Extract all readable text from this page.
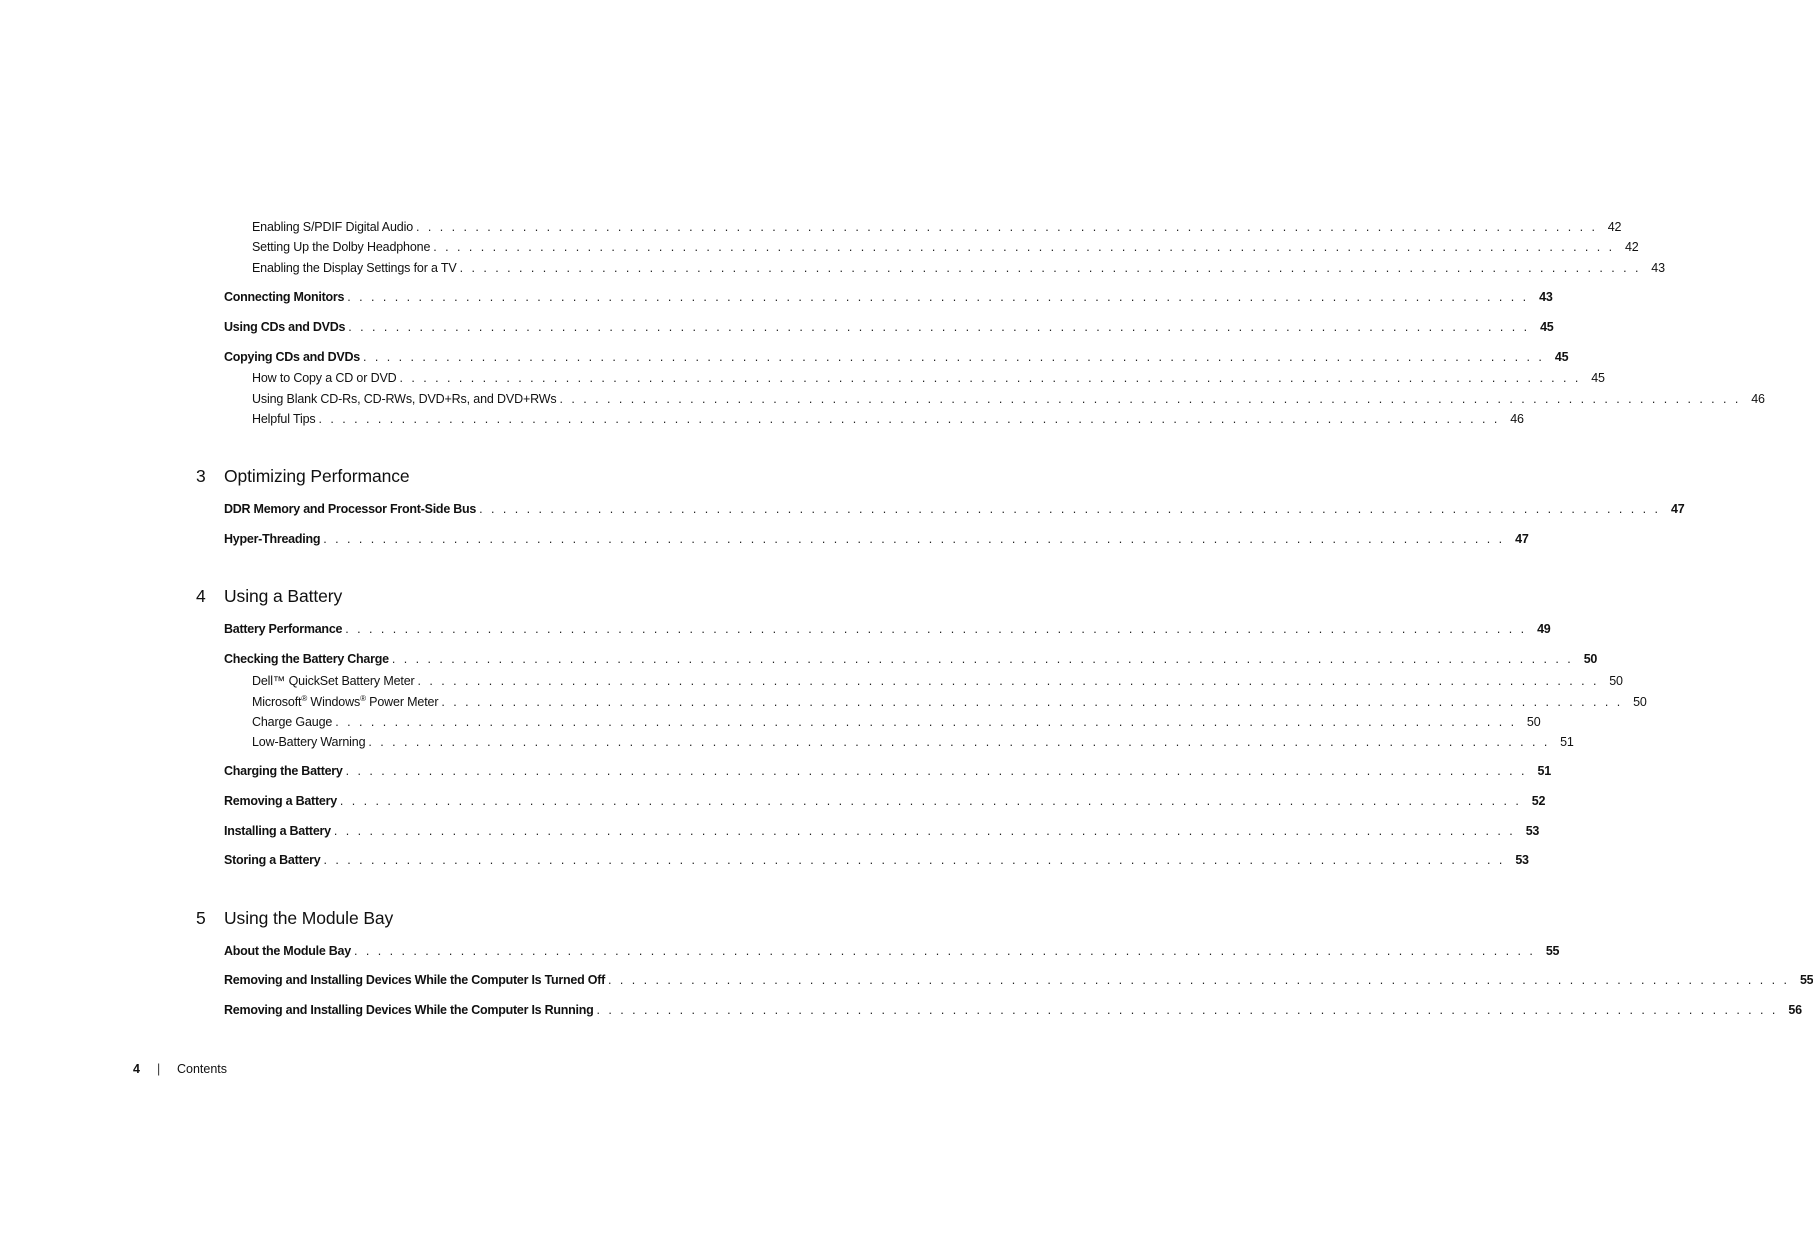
Enabling S/PDIF Digital Audio .................................................................................................... 42
Setting Up the Dolby Headphone .................................................................................................... 42
Enabling the Display Settings for a TV .................................................................................................... 43
Connecting Monitors .................................................................................................... 43
Using CDs and DVDs .................................................................................................... 45
Copying CDs and DVDs .................................................................................................... 45
How to Copy a CD or DVD .................................................................................................... 45
Using Blank CD-Rs, CD-RWs, DVD+Rs, and DVD+RWs .................................................................................................... 46
Helpful Tips .................................................................................................... 46
3	Optimizing Performance
DDR Memory and Processor Front-Side Bus .................................................................................................... 47
Hyper-Threading .................................................................................................... 47
4	Using a Battery
Battery Performance .................................................................................................... 49
Checking the Battery Charge .................................................................................................... 50
Dell™ QuickSet Battery Meter .................................................................................................... 50
Microsoft® Windows® Power Meter .................................................................................................... 50
Charge Gauge .................................................................................................... 50
Low-Battery Warning .................................................................................................... 51
Charging the Battery .................................................................................................... 51
Removing a Battery .................................................................................................... 52
Installing a Battery .................................................................................................... 53
Storing a Battery .................................................................................................... 53
5	Using the Module Bay
About the Module Bay .................................................................................................... 55
Removing and Installing Devices While the Computer Is Turned Off .................................................................................................... 55
Removing and Installing Devices While the Computer Is Running .................................................................................................... 56
4	|	Contents
